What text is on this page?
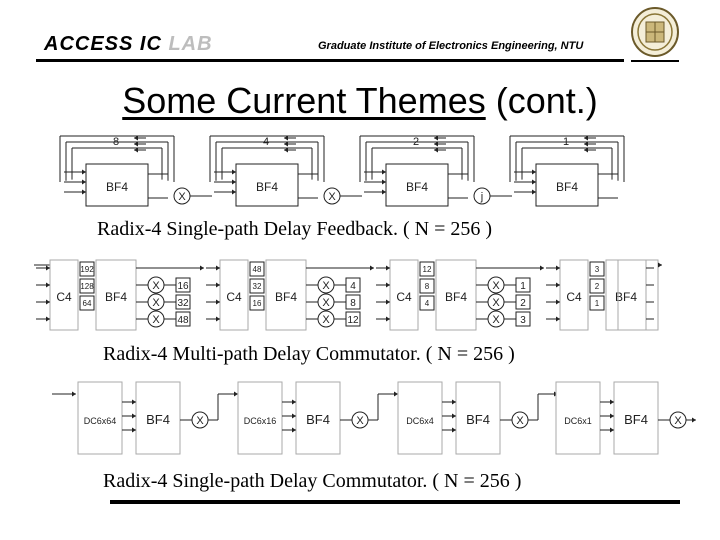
ACCESS IC LAB	Graduate Institute of Electronics Engineering, NTU
Some Current Themes (cont.)
8
BF4
X
4
BF4
X
2
BF4
j
1
BF4
Radix-4 Single-path Delay Feedback. ( N = 256 )
192
128
64
C4	BF4
X 16
X 32
X 48
48
32
16
C4	BF4
X 4
X 8
X 12
12
8
4
C4	BF4
X 1
X 2
X 3
3
2
1
C4	BF4
Radix-4 Multi-path Delay Commutator. ( N = 256 )
DC6x64 BF4 X	DC6x16 BF4 X	DC6x4 BF4 X	DC6x1 BF4 X
Radix-4 Single-path Delay Commutator. ( N = 256 )
